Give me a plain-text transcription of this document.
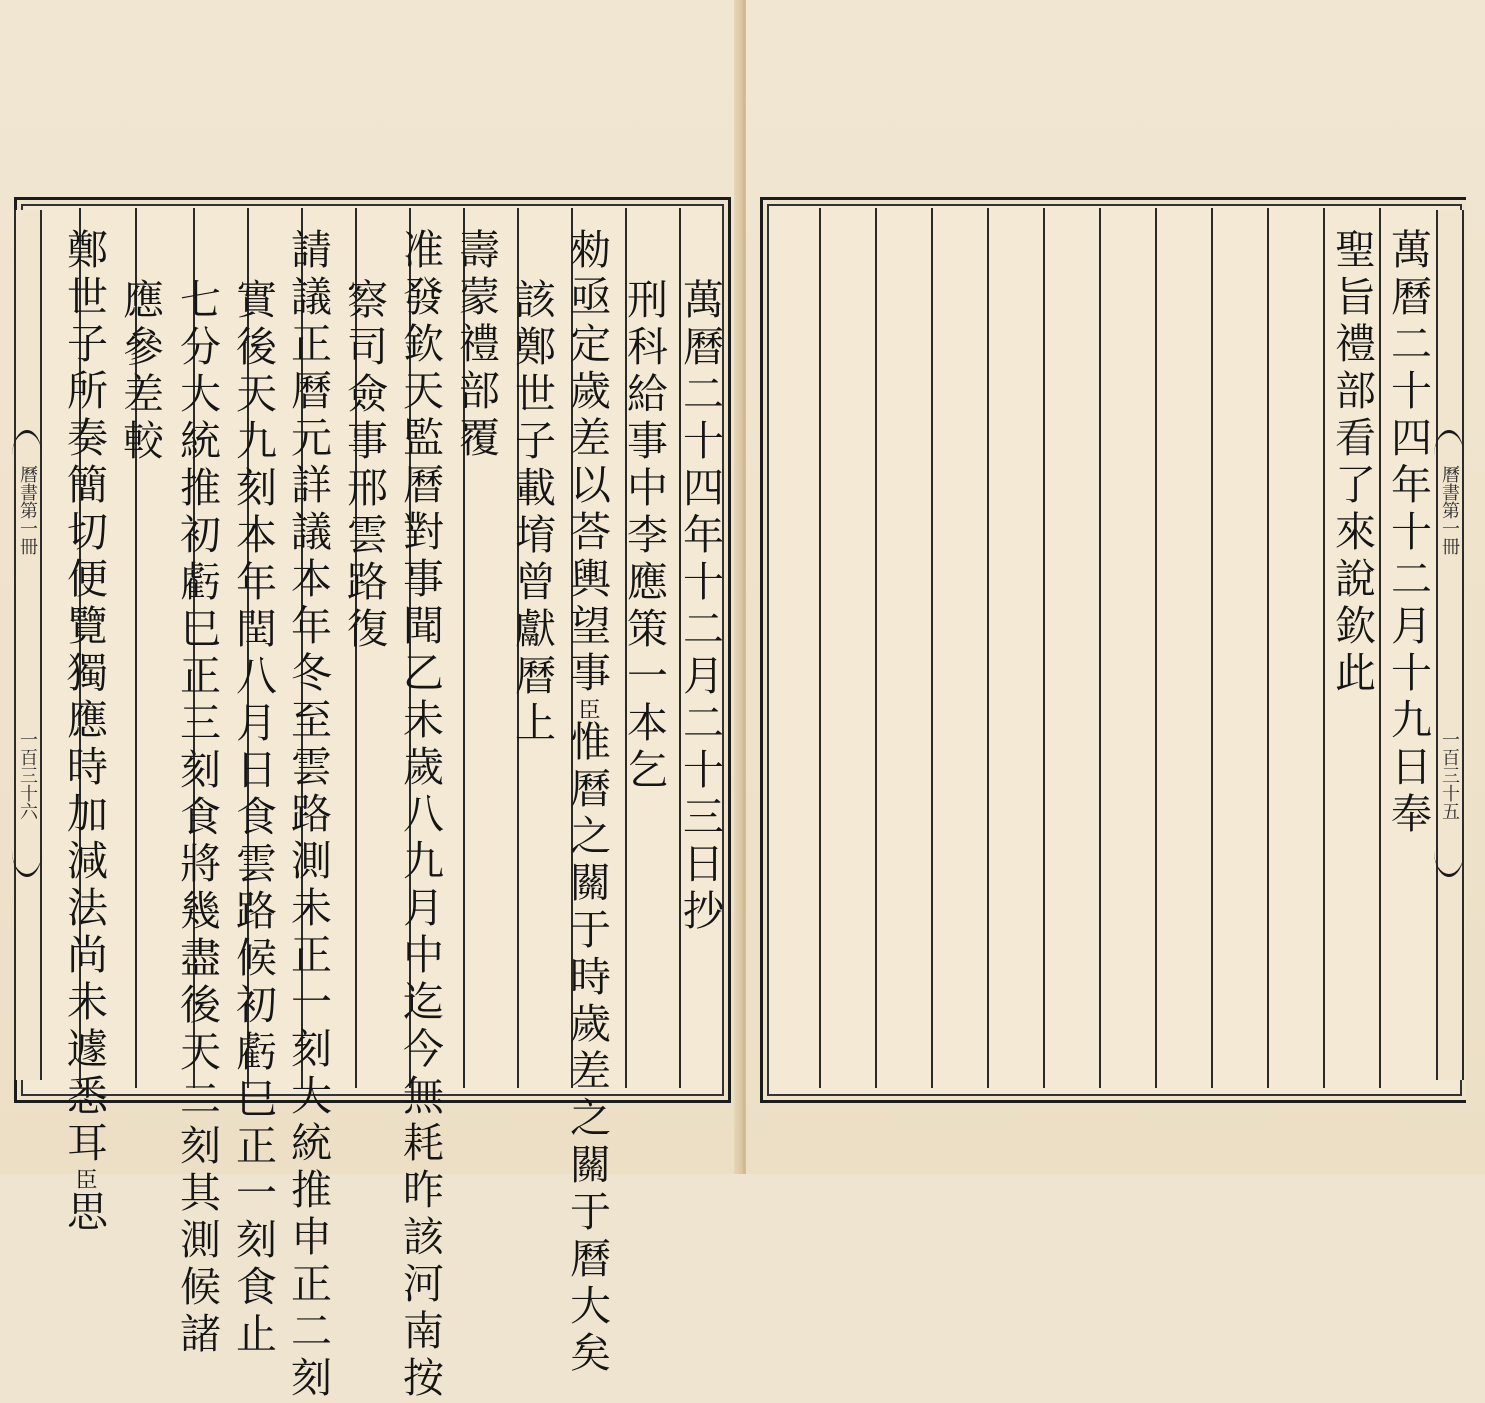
曆書第一冊
一百三十六	萬曆二十四年十二月二十三日抄
刑科給事中李應策一本乞
勑亟定歲差以荅輿望事臣惟曆之關于時歲差之關于曆大矣
該鄭世子載堉曾獻曆上
壽蒙禮部覆
准發欽天監曆對事聞乙未歲八九月中迄今無耗昨該河南按
察司僉事邢雲路復
請議正曆元詳議本年冬至雲路測未正一刻大統推申正二刻
實後天九刻本年閏八月日食雲路候初虧巳正一刻食止
七分大統推初虧巳正三刻食將幾盡後天二刻其測候諸
應參差較
鄭世子所奏簡切便覽獨應時加減法尚未遽悉耳臣思
萬曆二十四年十二月十九日奉
聖旨禮部看了來說欽此	曆書第一冊
一百三十五
